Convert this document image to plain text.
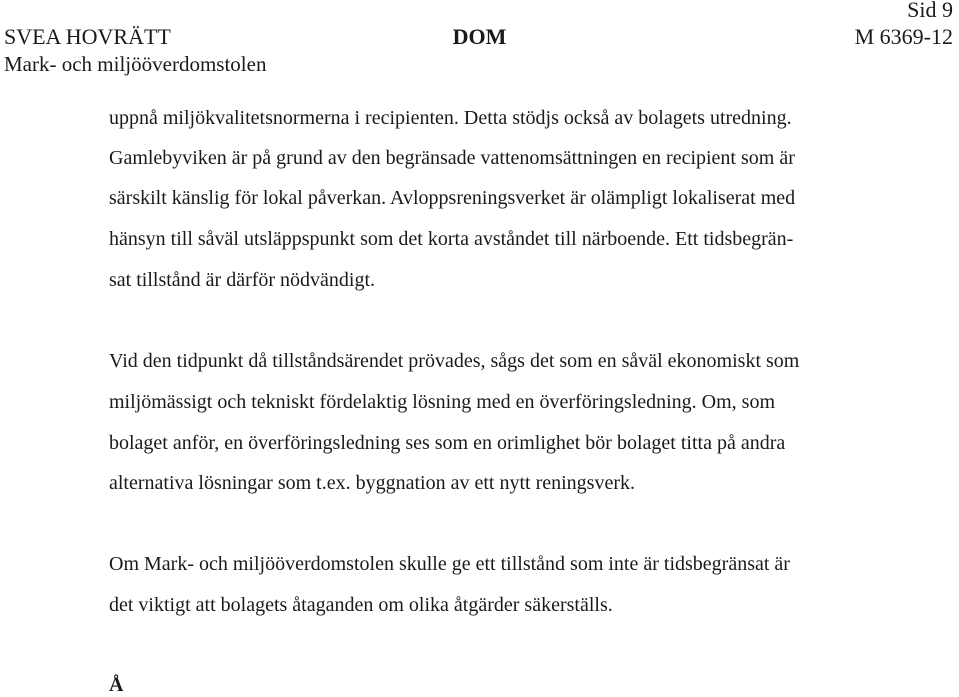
Sid 9
SVEA HOVRÄTT	DOM	M 6369-12
Mark- och miljööverdomstolen
uppnå miljökvalitetsnormerna i recipienten. Detta stödjs också av bolagets utredning.
Gamlebyviken är på grund av den begränsade vattenomsättningen en recipient som är
särskilt känslig för lokal påverkan. Avloppsreningsverket är olämpligt lokaliserat med
hänsyn till såväl utsläppspunkt som det korta avståndet till närboende. Ett tidsbegrän-
sat tillstånd är därför nödvändigt.
Vid den tidpunkt då tillståndsärendet prövades, sågs det som en såväl ekonomiskt som
miljömässigt och tekniskt fördelaktig lösning med en överföringsledning. Om, som
bolaget anför, en överföringsledning ses som en orimlighet bör bolaget titta på andra
alternativa lösningar som t.ex. byggnation av ett nytt reningsverk.
Om Mark- och miljööverdomstolen skulle ge ett tillstånd som inte är tidsbegränsat är
det viktigt att bolagets åtaganden om olika åtgärder säkerställs.
Å
